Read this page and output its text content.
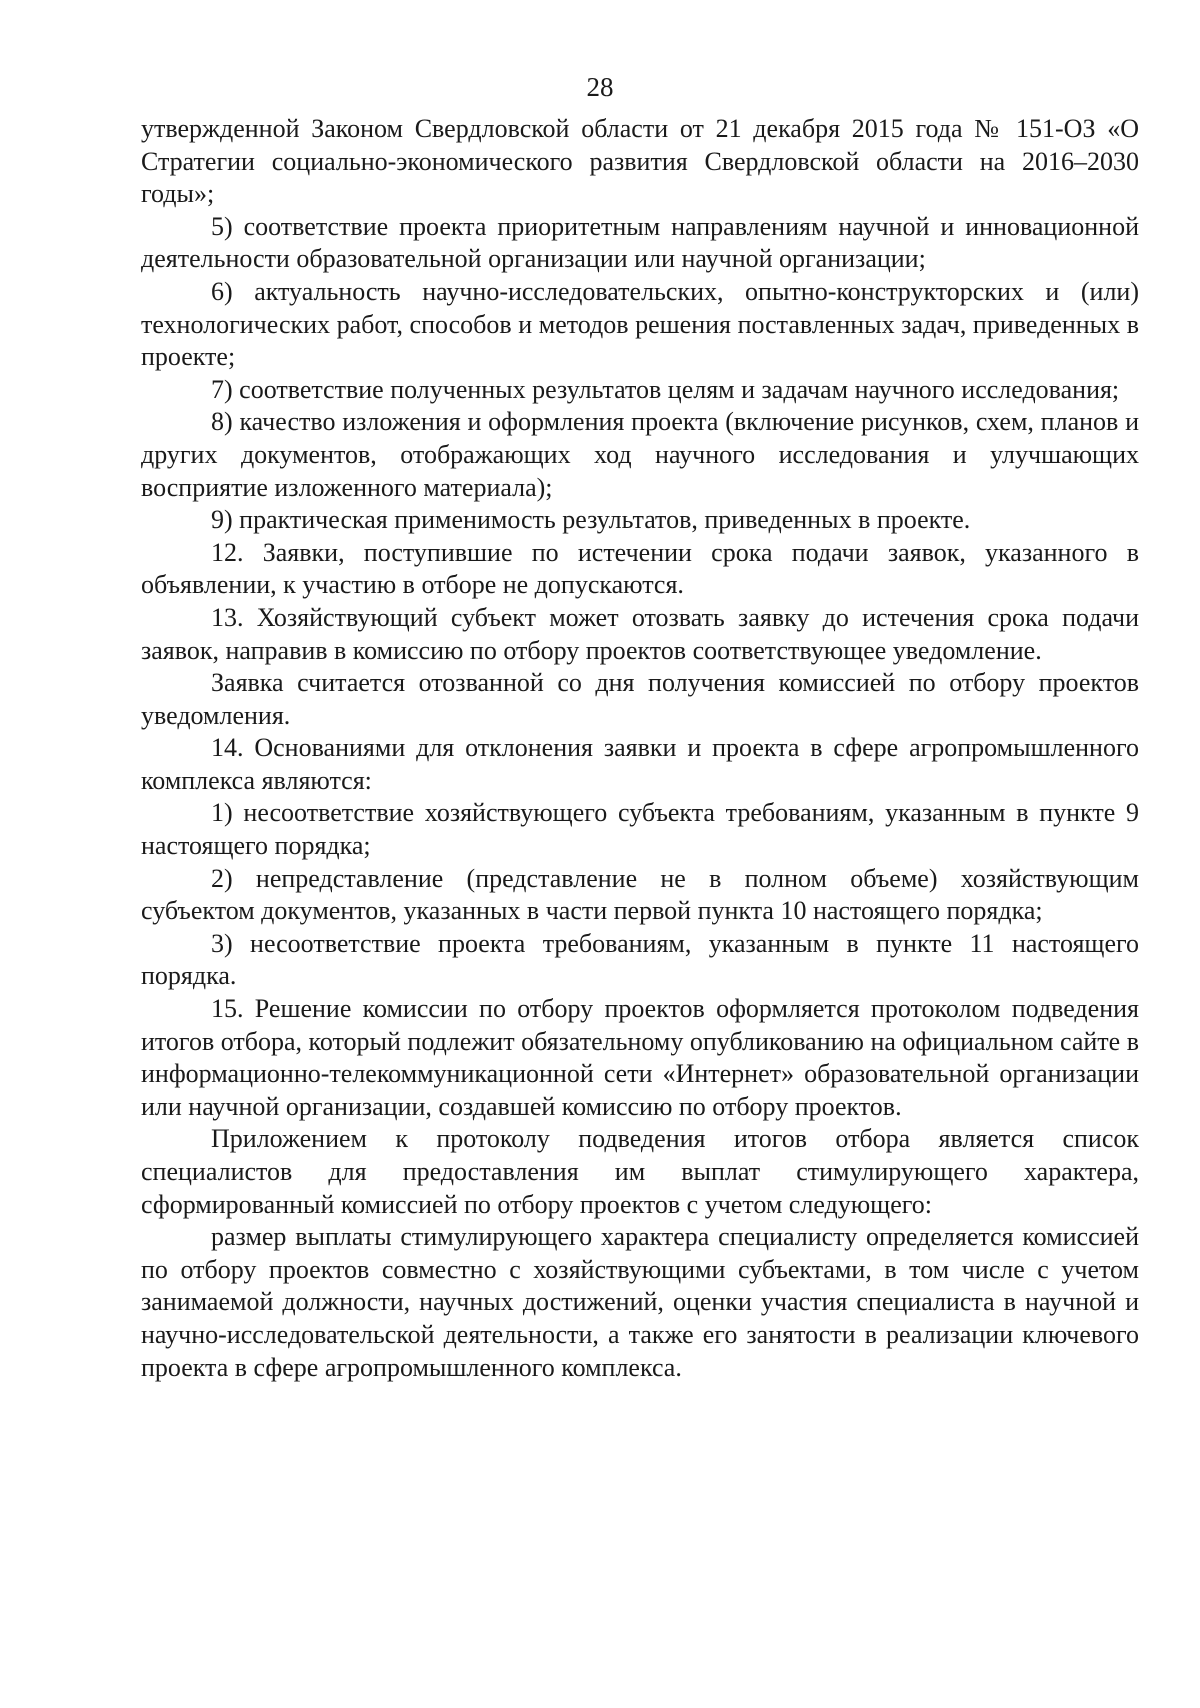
28

утвержденной Законом Свердловской области от 21 декабря 2015 года № 151-ОЗ «О Стратегии социально-экономического развития Свердловской области на 2016–2030 годы»;

5) соответствие проекта приоритетным направлениям научной и инновационной деятельности образовательной организации или научной организации;

6) актуальность научно-исследовательских, опытно-конструкторских и (или) технологических работ, способов и методов решения поставленных задач, приведенных в проекте;

7) соответствие полученных результатов целям и задачам научного исследования;

8) качество изложения и оформления проекта (включение рисунков, схем, планов и других документов, отображающих ход научного исследования и улучшающих восприятие изложенного материала);

9) практическая применимость результатов, приведенных в проекте.

12. Заявки, поступившие по истечении срока подачи заявок, указанного в объявлении, к участию в отборе не допускаются.

13. Хозяйствующий субъект может отозвать заявку до истечения срока подачи заявок, направив в комиссию по отбору проектов соответствующее уведомление.

Заявка считается отозванной со дня получения комиссией по отбору проектов уведомления.

14. Основаниями для отклонения заявки и проекта в сфере агропромышленного комплекса являются:

1) несоответствие хозяйствующего субъекта требованиям, указанным в пункте 9 настоящего порядка;

2) непредставление (представление не в полном объеме) хозяйствующим субъектом документов, указанных в части первой пункта 10 настоящего порядка;

3) несоответствие проекта требованиям, указанным в пункте 11 настоящего порядка.

15. Решение комиссии по отбору проектов оформляется протоколом подведения итогов отбора, который подлежит обязательному опубликованию на официальном сайте в информационно-телекоммуникационной сети «Интернет» образовательной организации или научной организации, создавшей комиссию по отбору проектов.

Приложением к протоколу подведения итогов отбора является список специалистов для предоставления им выплат стимулирующего характера, сформированный комиссией по отбору проектов с учетом следующего:

размер выплаты стимулирующего характера специалисту определяется комиссией по отбору проектов совместно с хозяйствующими субъектами, в том числе с учетом занимаемой должности, научных достижений, оценки участия специалиста в научной и научно-исследовательской деятельности, а также его занятости в реализации ключевого проекта в сфере агропромышленного комплекса.
